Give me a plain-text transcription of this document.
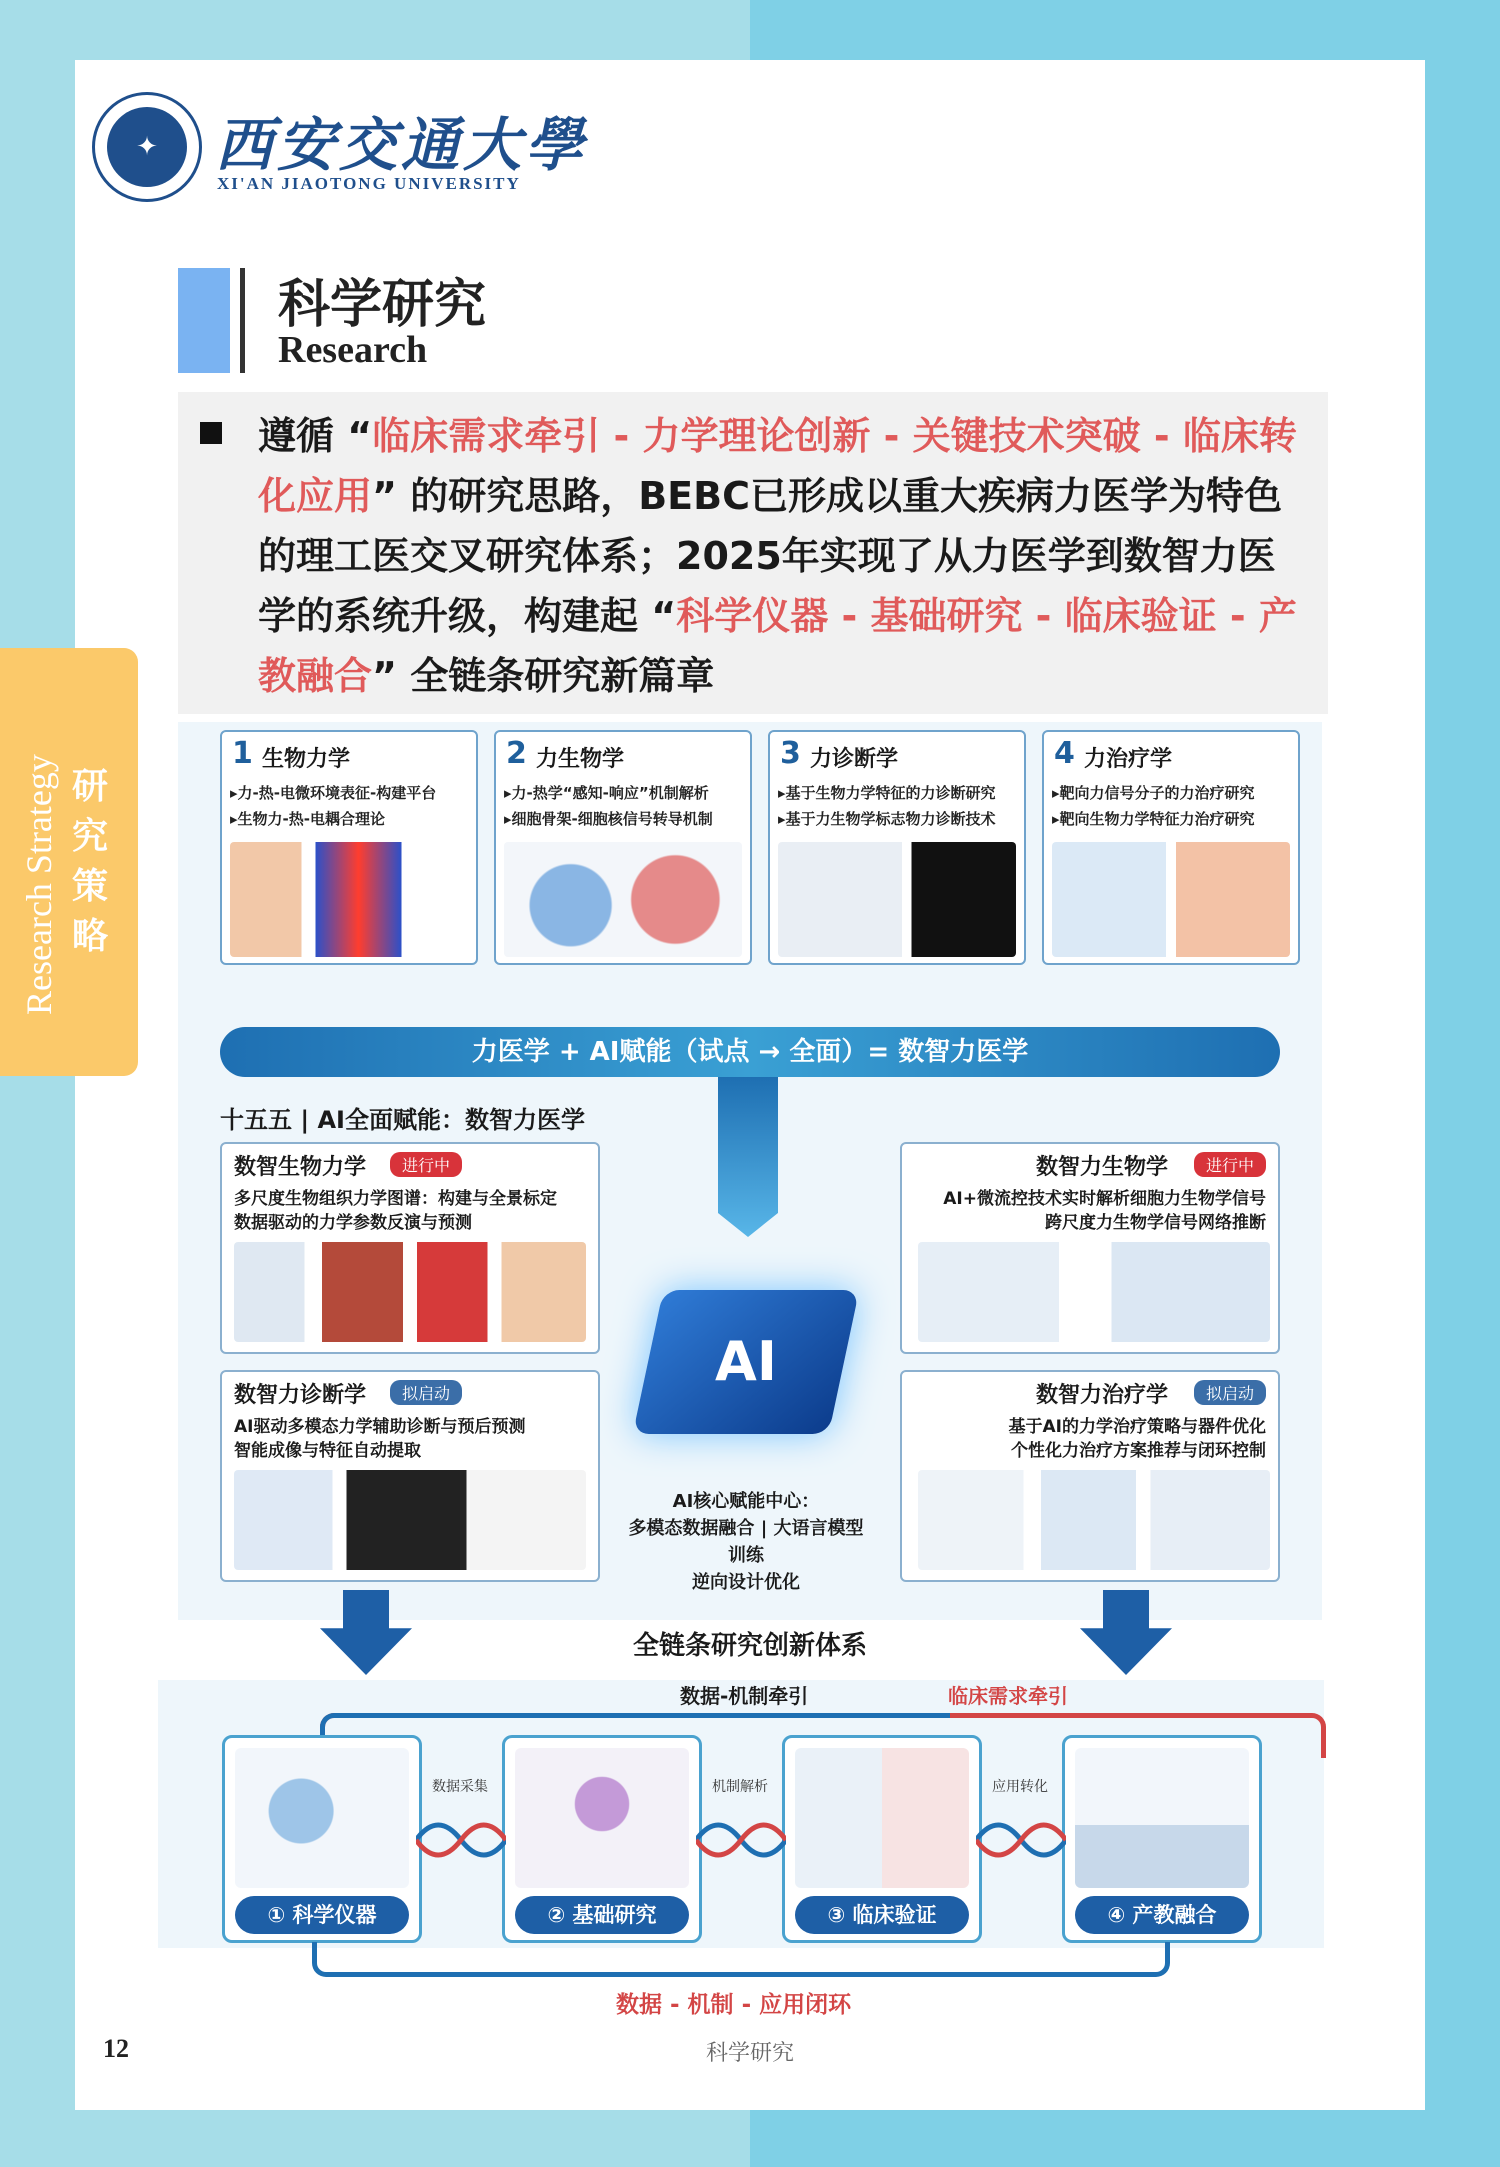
✦ 西安交通大學
XI'AN JIAOTONG UNIVERSITY
科学研究
Research
遵循 “临床需求牵引 - 力学理论创新 - 关键技术突破 - 临床转化应用” 的研究思路，BEBC已形成以重大疾病力医学为特色的理工医交叉研究体系；2025年实现了从力医学到数智力医学的系统升级，构建起 “科学仪器 - 基础研究 - 临床验证 - 产教融合” 全链条研究新篇章
Research Strategy 研究策略
1 生物力学
▸力-热-电微环境表征-构建平台
▸生物力-热-电耦合理论
2 力生物学
▸力-热学“感知-响应”机制解析
▸细胞骨架-细胞核信号转导机制
3 力诊断学
▸基于生物力学特征的力诊断研究
▸基于力生物学标志物力诊断技术
4 力治疗学
▸靶向力信号分子的力治疗研究
▸靶向生物力学特征力治疗研究
力医学 + AI赋能（试点 → 全面）= 数智力医学
十五五 | AI全面赋能：数智力医学
数智生物力学	进行中
多尺度生物组织力学图谱：构建与全景标定
数据驱动的力学参数反演与预测
数智力生物学	进行中
AI+微流控技术实时解析细胞力生物学信号
跨尺度力生物学信号网络推断
数智力诊断学	拟启动
AI驱动多模态力学辅助诊断与预后预测
智能成像与特征自动提取
数智力治疗学	拟启动
基于AI的力学治疗策略与器件优化
个性化力治疗方案推荐与闭环控制
AI
AI核心赋能中心：
多模态数据融合 | 大语言模型训练
逆向设计优化
全链条研究创新体系
数据-机制牵引	临床需求牵引
① 科学仪器	② 基础研究	③ 临床验证	④ 产教融合
数据采集	机制解析	应用转化
数据 - 机制 - 应用闭环
12	科学研究
